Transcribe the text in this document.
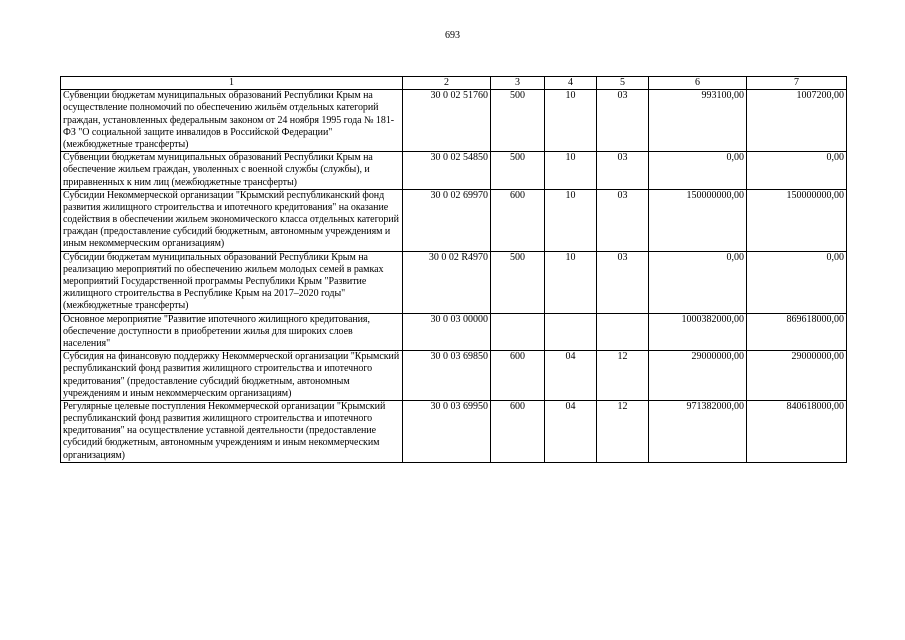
693
1	2	3	4	5	6	7
Субвенции бюджетам муниципальных образований Республики Крым на осуществление полномочий по обеспечению жильём отдельных категорий граждан, установленных федеральным законом от 24 ноября 1995 года № 181-ФЗ "О социальной защите инвалидов в Российской Федерации" (межбюджетные трансферты)	30 0 02 51760	500	10	03	993100,00	1007200,00
Субвенции бюджетам муниципальных образований Республики Крым на обеспечение жильем граждан, уволенных с военной службы (службы), и приравненных к ним лиц (межбюджетные трансферты)	30 0 02 54850	500	10	03	0,00	0,00
Субсидии Некоммерческой организации "Крымский республиканский фонд развития жилищного строительства и ипотечного кредитования" на оказание содействия в обеспечении жильем экономического класса отдельных категорий граждан (предоставление субсидий бюджетным, автономным учреждениям и иным некоммерческим организациям)	30 0 02 69970	600	10	03	150000000,00	150000000,00
Субсидии бюджетам муниципальных образований Республики Крым на реализацию мероприятий по обеспечению жильем молодых семей в рамках мероприятий Государственной программы Республики Крым "Развитие жилищного строительства в Республике Крым на 2017–2020 годы" (межбюджетные трансферты)	30 0 02 R4970	500	10	03	0,00	0,00
Основное мероприятие "Развитие ипотечного жилищного кредитования, обеспечение доступности в приобретении жилья для широких слоев населения"	30 0 03 00000				1000382000,00	869618000,00
Субсидия на финансовую поддержку Некоммерческой организации "Крымский республиканский фонд развития жилищного строительства и ипотечного кредитования" (предоставление субсидий бюджетным, автономным учреждениям и иным некоммерческим организациям)	30 0 03 69850	600	04	12	29000000,00	29000000,00
Регулярные целевые поступления Некоммерческой организации "Крымский республиканский фонд развития жилищного строительства и ипотечного кредитования" на осуществление уставной деятельности (предоставление субсидий бюджетным, автономным учреждениям и иным некоммерческим организациям)	30 0 03 69950	600	04	12	971382000,00	840618000,00
